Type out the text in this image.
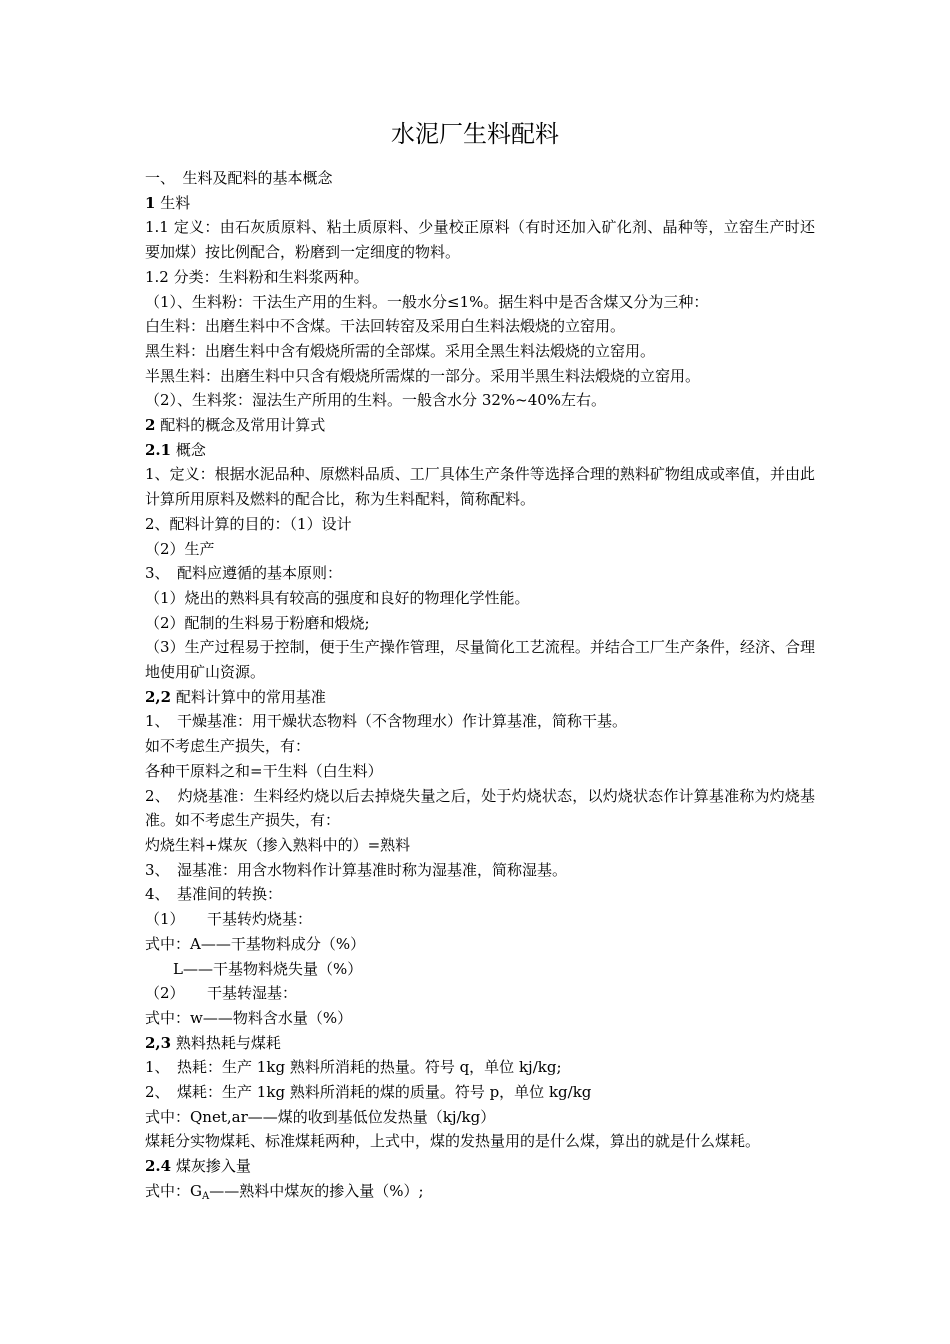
水泥厂生料配料
一、　生料及配料的基本概念
1 生料
1.1 定义：由石灰质原料、粘土质原料、少量校正原料（有时还加入矿化剂、晶种等，立窑生产时还要加煤）按比例配合，粉磨到一定细度的物料。
1.2 分类：生料粉和生料浆两种。
（1）、生料粉：干法生产用的生料。一般水分≤1%。据生料中是否含煤又分为三种：
白生料：出磨生料中不含煤。干法回转窑及采用白生料法煅烧的立窑用。
黑生料：出磨生料中含有煅烧所需的全部煤。采用全黑生料法煅烧的立窑用。
半黑生料：出磨生料中只含有煅烧所需煤的一部分。采用半黑生料法煅烧的立窑用。
（2）、生料浆：湿法生产所用的生料。一般含水分 32%~40%左右。
2 配料的概念及常用计算式
2.1 概念
1、定义：根据水泥品种、原燃料品质、工厂具体生产条件等选择合理的熟料矿物组成或率值，并由此计算所用原料及燃料的配合比，称为生料配料，简称配料。
2、配料计算的目的：（1）设计
（2）生产
3、　配料应遵循的基本原则：
（1）烧出的熟料具有较高的强度和良好的物理化学性能。
（2）配制的生料易于粉磨和煅烧;
（3）生产过程易于控制，便于生产操作管理，尽量简化工艺流程。并结合工厂生产条件，经济、合理地使用矿山资源。
2,2 配料计算中的常用基准
1、　干燥基准：用干燥状态物料（不含物理水）作计算基准，简称干基。
如不考虑生产损失，有：
各种干原料之和=干生料（白生料）
2、　灼烧基准：生料经灼烧以后去掉烧失量之后，处于灼烧状态，以灼烧状态作计算基准称为灼烧基准。如不考虑生产损失，有：
灼烧生料+煤灰（掺入熟料中的）=熟料
3、　湿基准：用含水物料作计算基准时称为湿基准，简称湿基。
4、　基准间的转换：
（1）　　干基转灼烧基：
式中：A——干基物料成分（%）
L——干基物料烧失量（%）
（2）　　干基转湿基：
式中：w——物料含水量（%）
2,3 熟料热耗与煤耗
1、　热耗：生产 1kg 熟料所消耗的热量。符号 q，单位 kj/kg;
2、　煤耗：生产 1kg 熟料所消耗的煤的质量。符号 p，单位 kg/kg
式中：Qnet,ar——煤的收到基低位发热量（kj/kg）
煤耗分实物煤耗、标准煤耗两种，上式中，煤的发热量用的是什么煤，算出的就是什么煤耗。
2.4 煤灰掺入量
式中：$G_A——$熟料中煤灰的掺入量（%）;
